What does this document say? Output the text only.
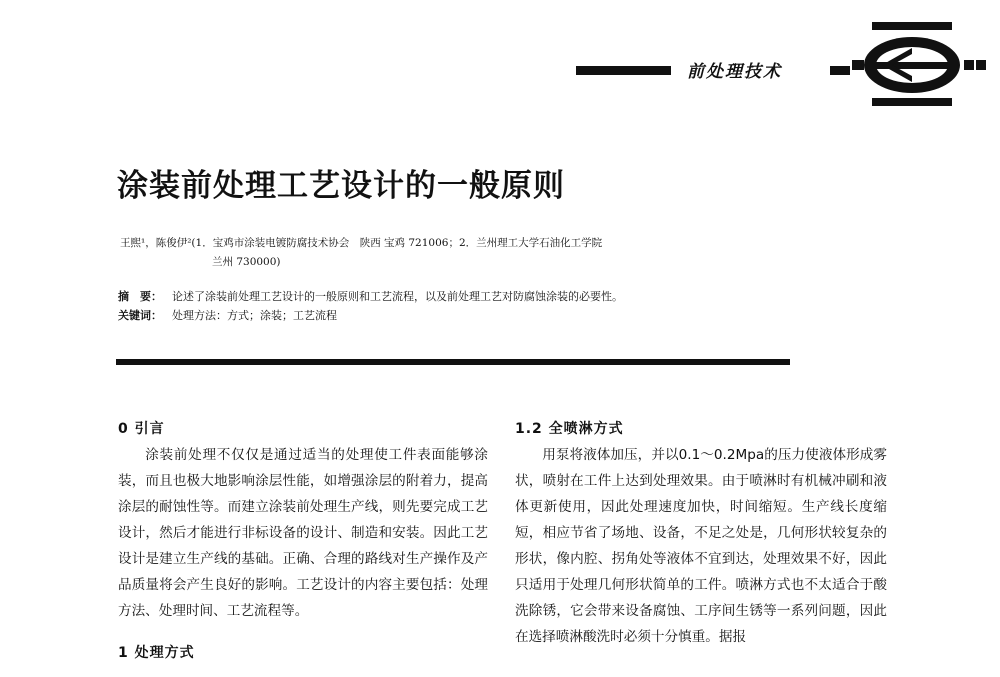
前处理技术
涂装前处理工艺设计的一般原则
王熙¹，陈俊伊²(1．宝鸡市涂装电镀防腐技术协会　陕西 宝鸡 721006；2．兰州理工大学石油化工学院
兰州 730000)
摘　要： 论述了涂装前处理工艺设计的一般原则和工艺流程，以及前处理工艺对防腐蚀涂装的必要性。
关键词： 处理方法：方式；涂装；工艺流程
0 引言

涂装前处理不仅仅是通过适当的处理使工件表面能够涂装，而且也极大地影响涂层性能，如增强涂层的附着力，提高涂层的耐蚀性等。而建立涂装前处理生产线，则先要完成工艺设计，然后才能进行非标设备的设计、制造和安装。因此工艺设计是建立生产线的基础。正确、合理的路线对生产操作及产品质量将会产生良好的影响。工艺设计的内容主要包括：处理方法、处理时间、工艺流程等。

1 处理方式
1.2 全喷淋方式

用泵将液体加压，并以0.1～0.2Mpa的压力使液体形成雾状，喷射在工件上达到处理效果。由于喷淋时有机械冲刷和液体更新使用，因此处理速度加快，时间缩短。生产线长度缩短，相应节省了场地、设备，不足之处是，几何形状较复杂的形状，像内腔、拐角处等液体不宜到达，处理效果不好，因此只适用于处理几何形状简单的工件。喷淋方式也不太适合于酸洗除锈，它会带来设备腐蚀、工序间生锈等一系列问题，因此在选择喷淋酸洗时必须十分慎重。据报
